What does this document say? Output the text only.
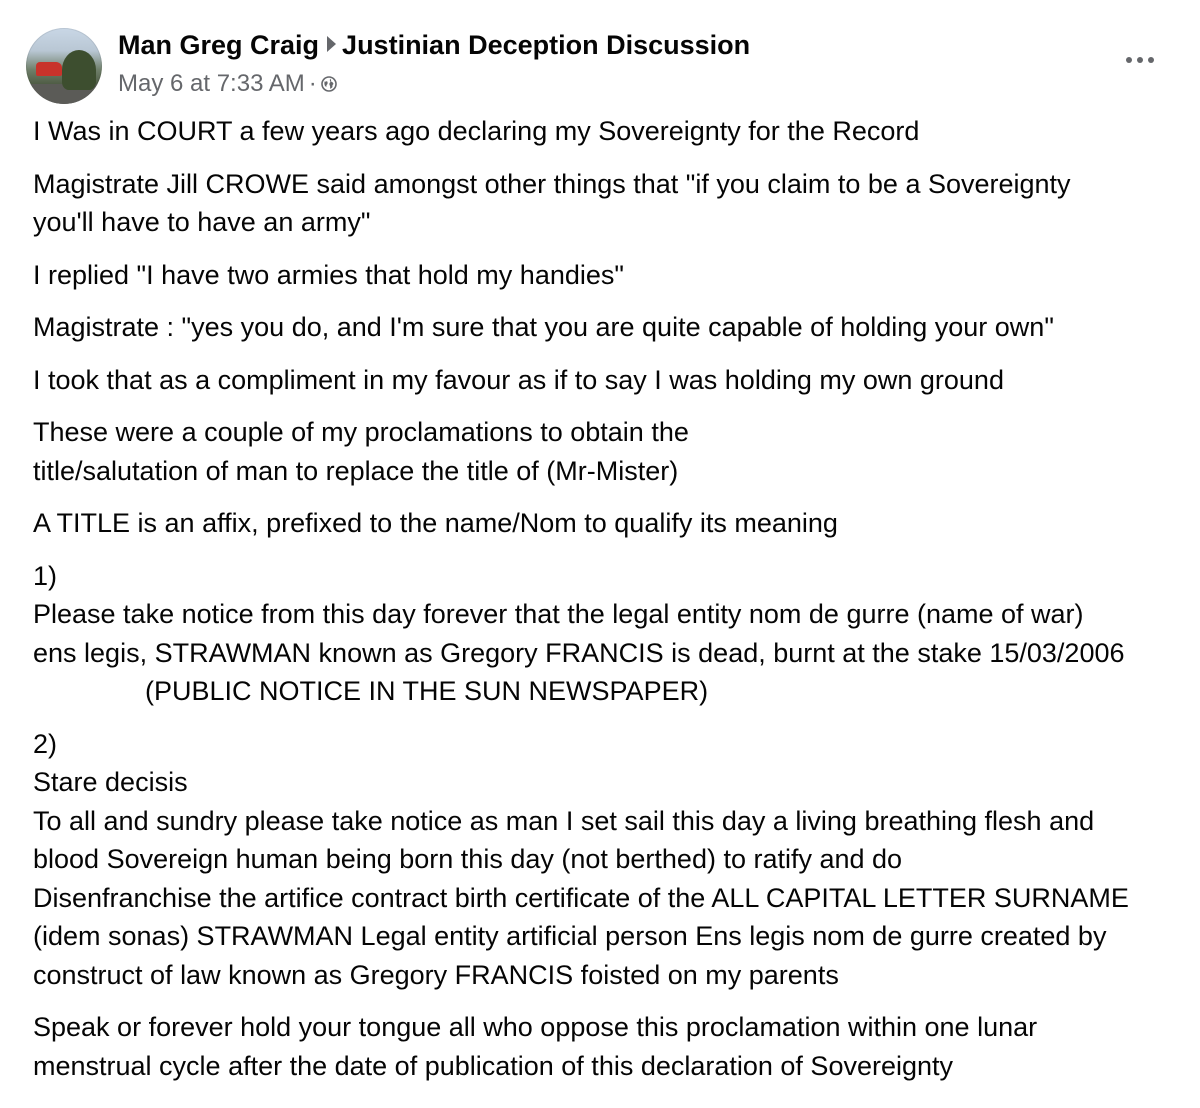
Man Greg Craig Justinian Deception Discussion
May 6 at 7:33 AM ·

I Was in COURT a few years ago declaring my Sovereignty for the Record

Magistrate Jill CROWE said amongst other things that "if you claim to be a Sovereignty
you'll have to have an army"

I replied "I have two armies that hold my handies"

Magistrate : "yes you do, and I'm sure that you are quite capable of holding your own"

I took that as a compliment in my favour as if to say I was holding my own ground

These were a couple of my proclamations to obtain the
title/salutation of man to replace the title of (Mr-Mister)

A TITLE is an affix, prefixed to the name/Nom to qualify its meaning

1)
Please take notice from this day forever that the legal entity nom de gurre (name of war)
ens legis, STRAWMAN known as Gregory FRANCIS is dead, burnt at the stake 15/03/2006
(PUBLIC NOTICE IN THE SUN NEWSPAPER)

2)
Stare decisis
To all and sundry please take notice as man I set sail this day a living breathing flesh and
blood Sovereign human being born this day (not berthed) to ratify and do
Disenfranchise the artifice contract birth certificate of the ALL CAPITAL LETTER SURNAME
(idem sonas) STRAWMAN Legal entity artificial person Ens legis nom de gurre created by
construct of law known as Gregory FRANCIS foisted on my parents

Speak or forever hold your tongue all who oppose this proclamation within one lunar
menstrual cycle after the date of publication of this declaration of Sovereignty
